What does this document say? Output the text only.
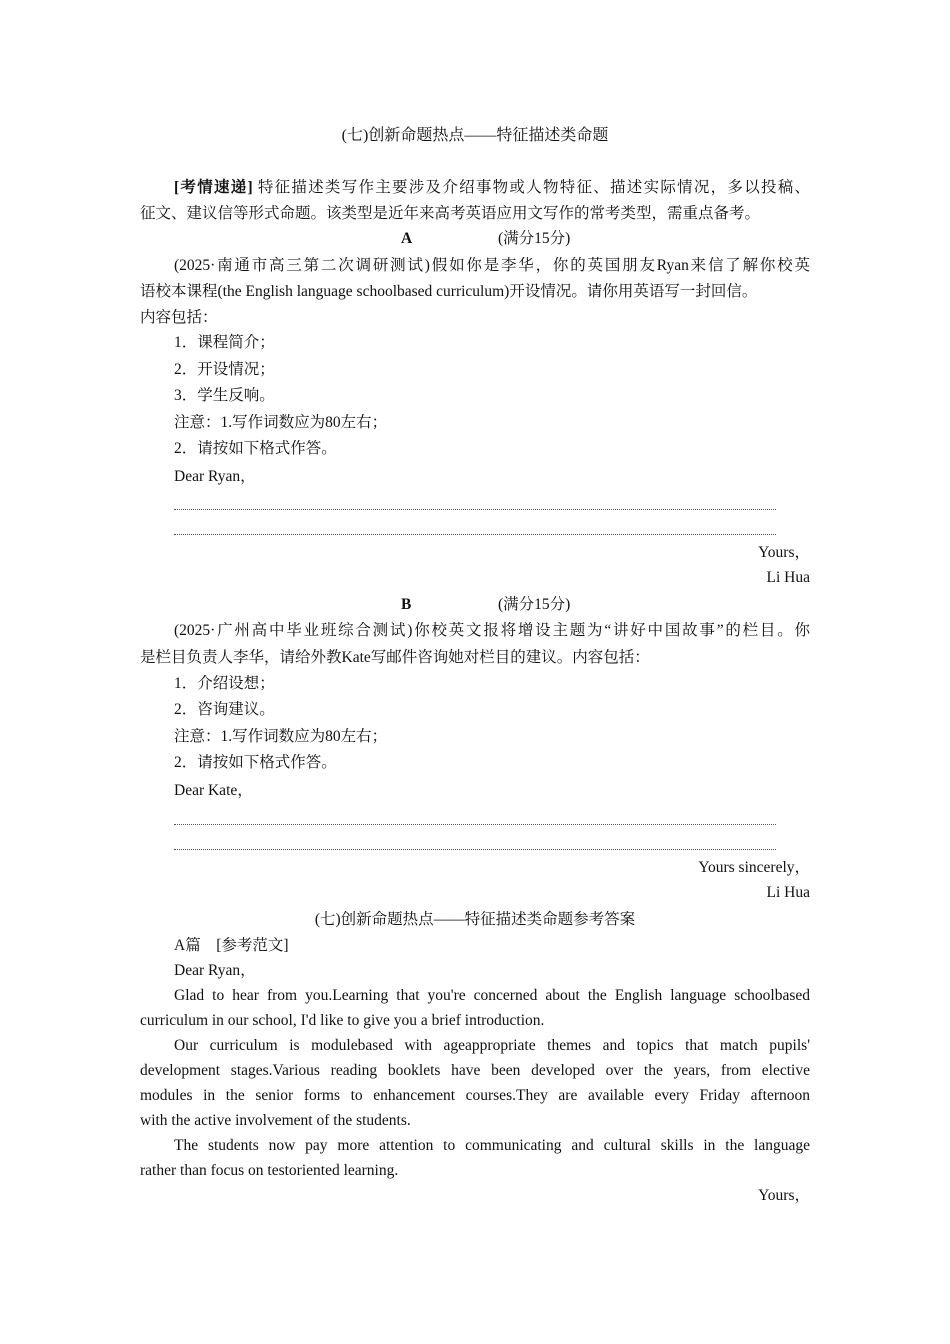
(七)创新命题热点——特征描述类命题
[考情速递] 特征描述类写作主要涉及介绍事物或人物特征、描述实际情况，多以投稿、
征文、建议信等形式命题。该类型是近年来高考英语应用文写作的常考类型，需重点备考。
A	(满分15分)
(2025·南通市高三第二次调研测试)假如你是李华，你的英国朋友Ryan来信了解你校英
语校本课程(the English language schoolbased curriculum)开设情况。请你用英语写一封回信。
内容包括：
1．课程简介；
2．开设情况；
3．学生反响。
注意：1.写作词数应为80左右；
2．请按如下格式作答。
Dear Ryan，
Yours，
Li Hua
B	(满分15分)
(2025·广州高中毕业班综合测试)你校英文报将增设主题为“讲好中国故事”的栏目。你
是栏目负责人李华，请给外教Kate写邮件咨询她对栏目的建议。内容包括：
1．介绍设想；
2．咨询建议。
注意：1.写作词数应为80左右；
2．请按如下格式作答。
Dear Kate，
Yours sincerely，
Li Hua
(七)创新命题热点——特征描述类命题参考答案
A篇　[参考范文]
Dear Ryan，
Glad to hear from you.Learning that you're concerned about the English language schoolbased
curriculum in our school, I'd like to give you a brief introduction.
Our curriculum is modulebased with ageappropriate themes and topics that match pupils'
development stages.Various reading booklets have been developed over the years, from elective
modules in the senior forms to enhancement courses.They are available every Friday afternoon
with the active involvement of the students.
The students now pay more attention to communicating and cultural skills in the language
rather than focus on testoriented learning.
Yours，
